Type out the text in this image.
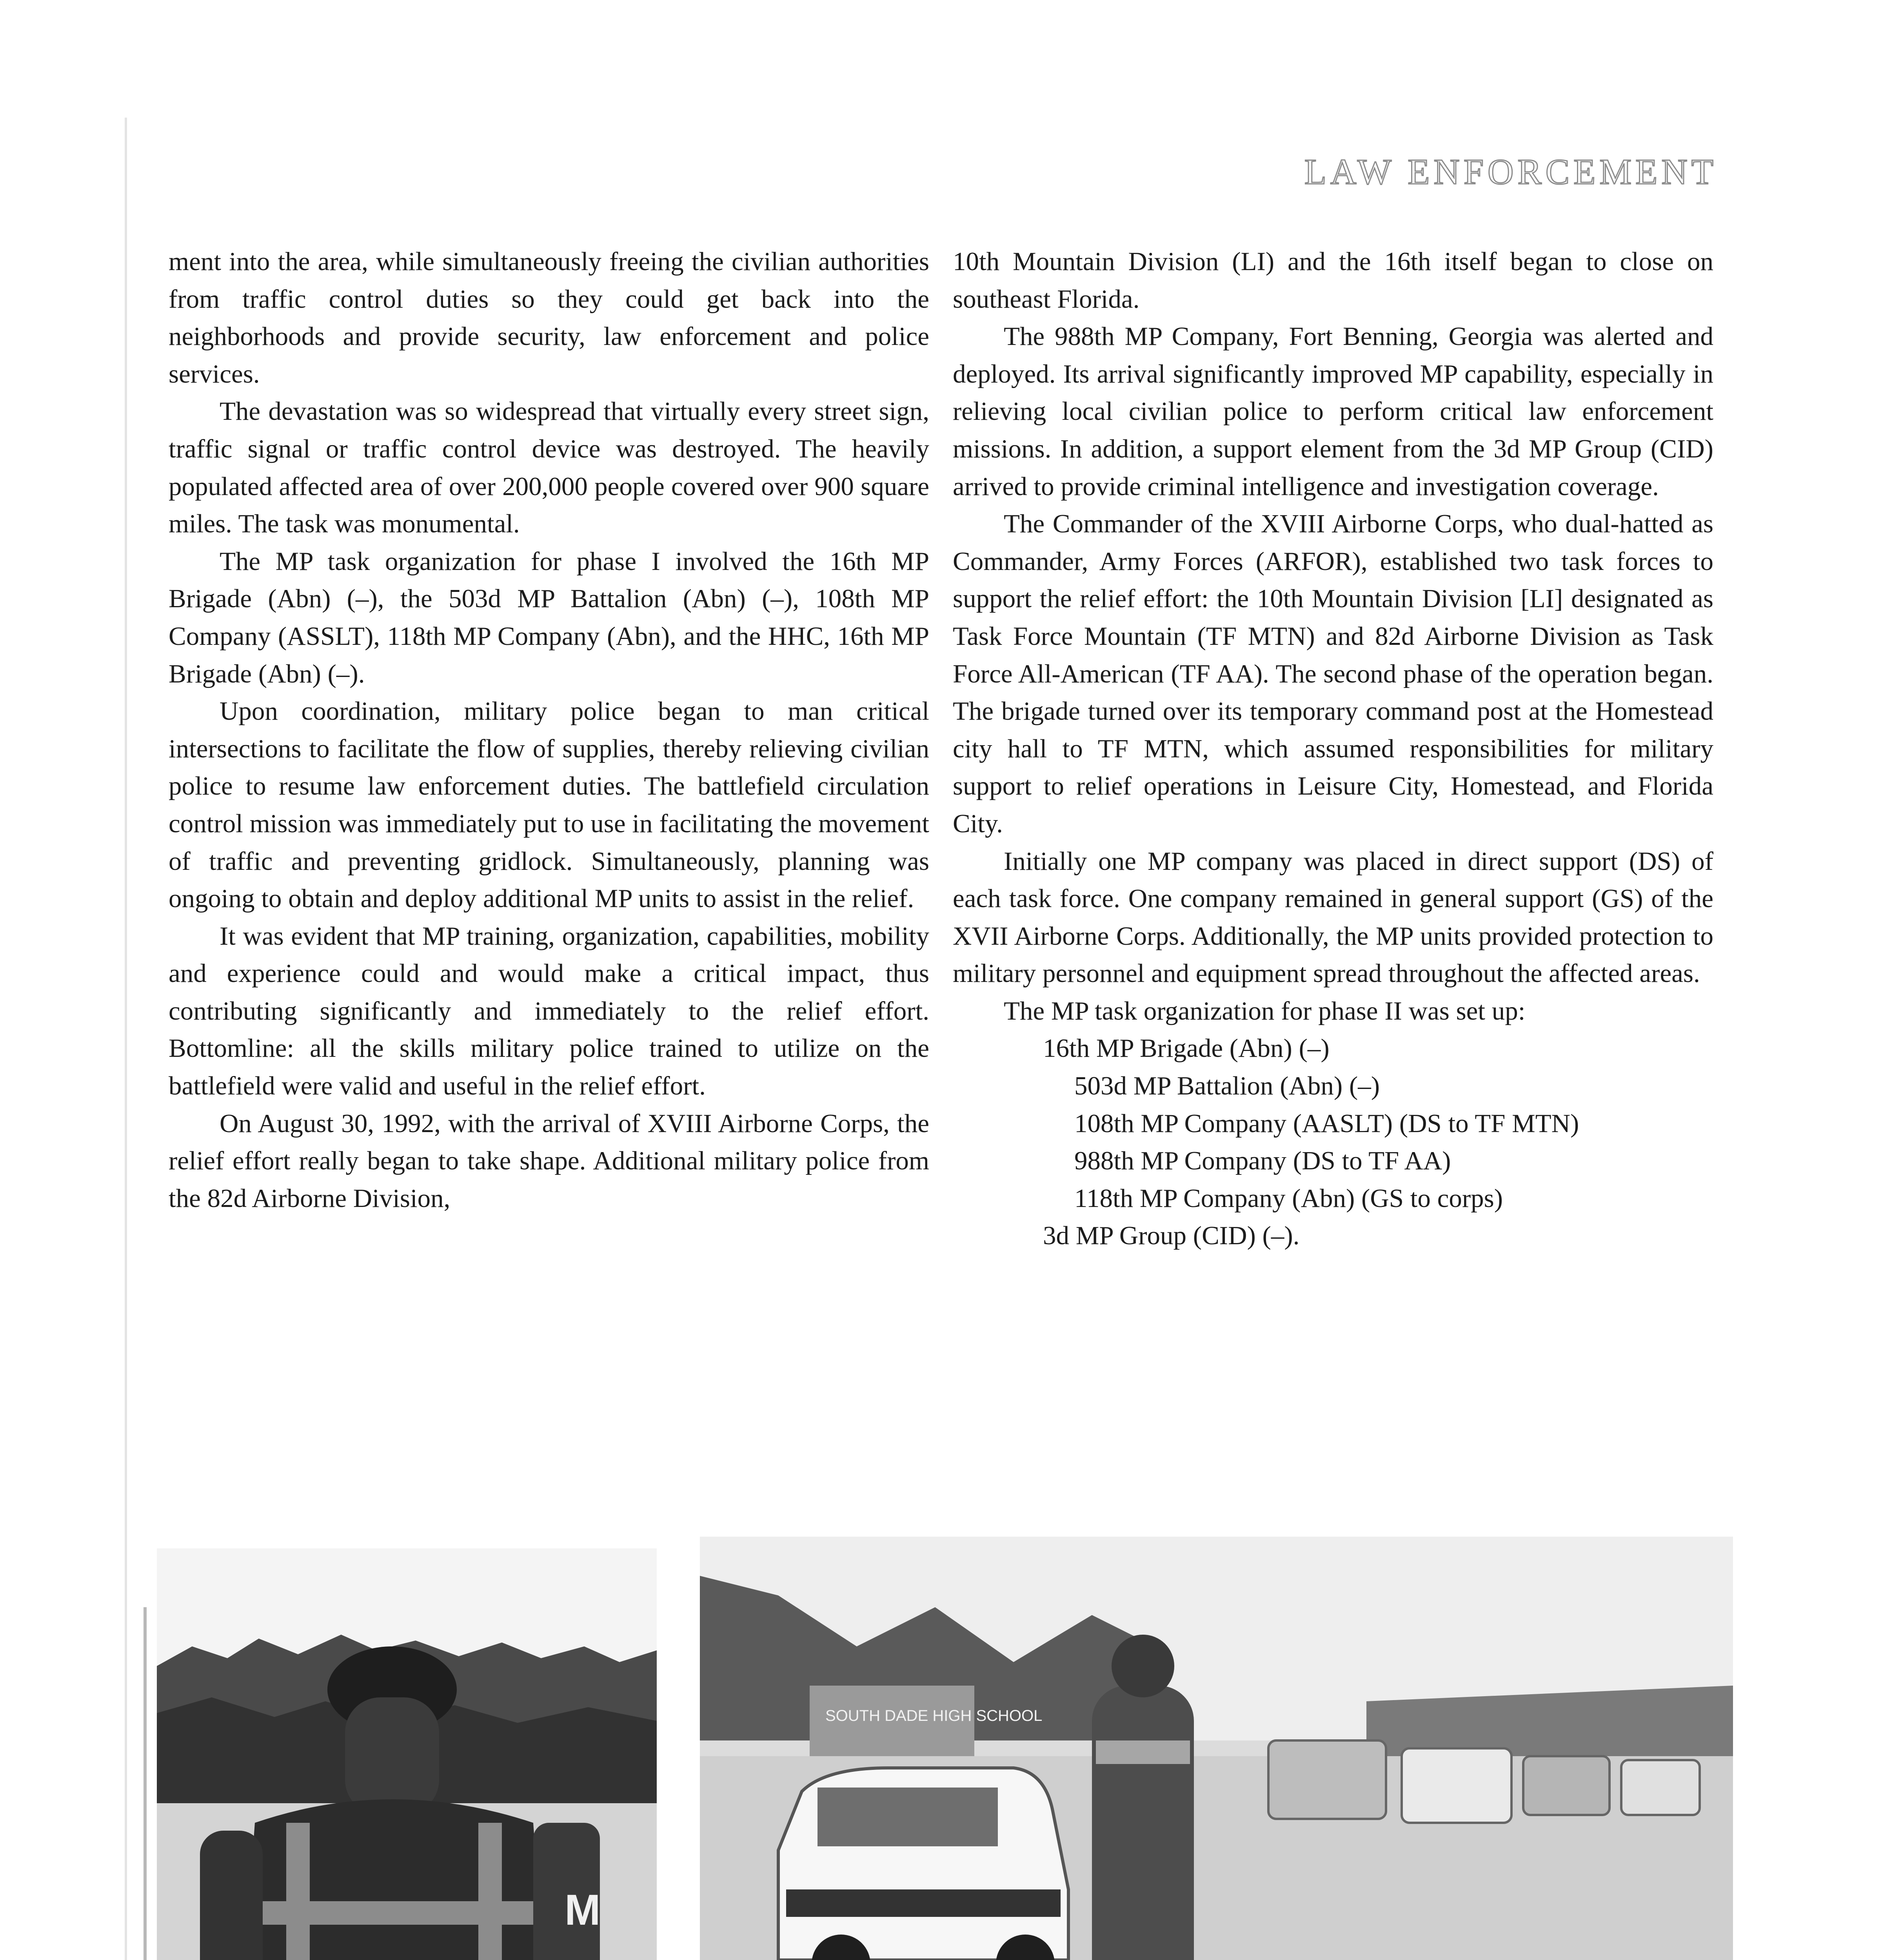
LAW ENFORCEMENT

ment into the area, while simultaneously freeing the civilian authorities from traffic control duties so they could get back into the neighborhoods and provide security, law enforcement and police services.

The devastation was so widespread that virtually every street sign, traffic signal or traffic control device was destroyed. The heavily populated affected area of over 200,000 people covered over 900 square miles. The task was monumental.

The MP task organization for phase I involved the 16th MP Brigade (Abn) (–), the 503d MP Battalion (Abn) (–), 108th MP Company (ASSLT), 118th MP Company (Abn), and the HHC, 16th MP Brigade (Abn) (–).

Upon coordination, military police began to man critical intersections to facilitate the flow of supplies, thereby relieving civilian police to resume law enforcement duties. The battlefield circulation control mission was immediately put to use in facilitating the movement of traffic and preventing gridlock. Simultaneously, planning was ongoing to obtain and deploy additional MP units to assist in the relief.

It was evident that MP training, organization, capabilities, mobility and experience could and would make a critical impact, thus contributing significantly and immediately to the relief effort. Bottomline: all the skills military police trained to utilize on the battlefield were valid and useful in the relief effort.

On August 30, 1992, with the arrival of XVIII Airborne Corps, the relief effort really began to take shape. Additional military police from the 82d Airborne Division,

10th Mountain Division (LI) and the 16th itself began to close on southeast Florida.

The 988th MP Company, Fort Benning, Georgia was alerted and deployed. Its arrival significantly improved MP capability, especially in relieving local civilian police to perform critical law enforcement missions. In addition, a support element from the 3d MP Group (CID) arrived to provide criminal intelligence and investigation coverage.

The Commander of the XVIII Airborne Corps, who dual-hatted as Commander, Army Forces (ARFOR), established two task forces to support the relief effort: the 10th Mountain Division [LI] designated as Task Force Mountain (TF MTN) and 82d Airborne Division as Task Force All-American (TF AA). The second phase of the operation began. The brigade turned over its temporary command post at the Homestead city hall to TF MTN, which assumed responsibilities for military support to relief operations in Leisure City, Homestead, and Florida City.

Initially one MP company was placed in direct support (DS) of each task force. One company remained in general support (GS) of the XVII Airborne Corps. Additionally, the MP units provided protection to military personnel and equipment spread throughout the affected areas.

The MP task organization for phase II was set up:
16th MP Brigade (Abn) (–)
503d MP Battalion (Abn) (–)
108th MP Company (AASLT) (DS to TF MTN)
988th MP Company (DS to TF AA)
118th MP Company (Abn) (GS to corps)
3d MP Group (CID) (–).
M
SOUTH DADE HIGH SCHOOL
